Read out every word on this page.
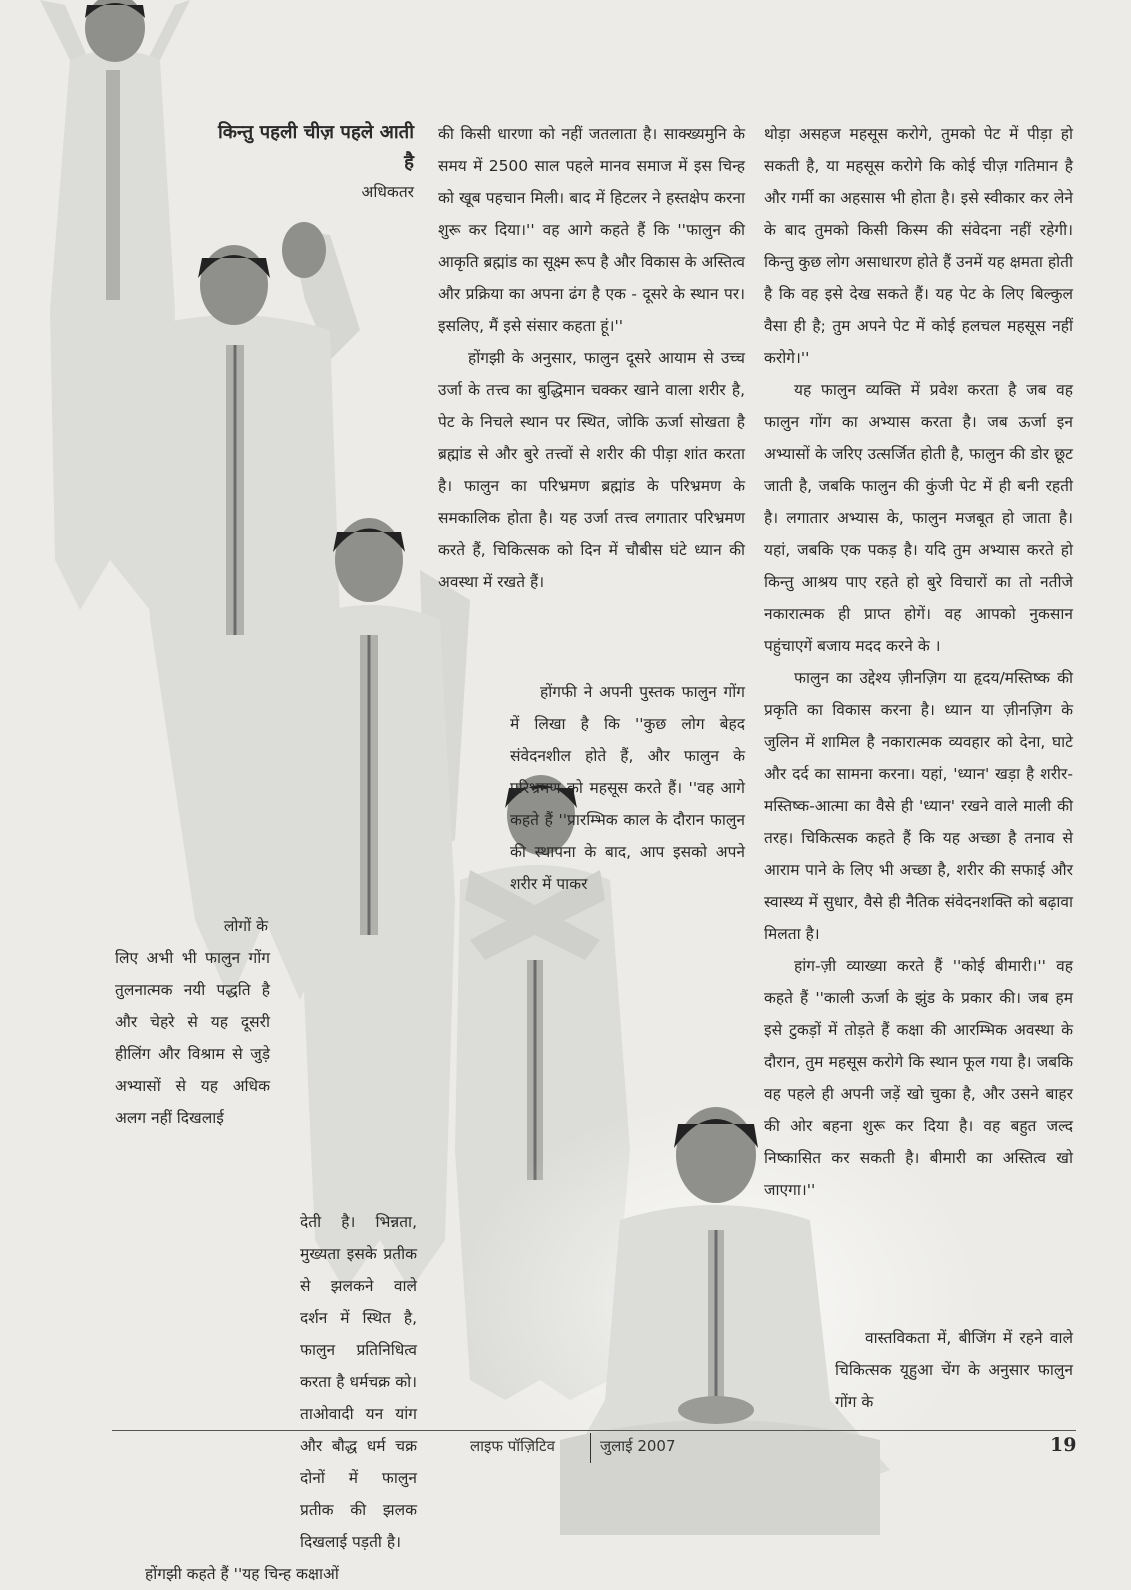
किन्तु पहली चीज़ पहले आती है
अधिकतर

लोगों के

लिए अभी भी फालुन गोंग तुलनात्मक नयी पद्धति है और चेहरे से यह दूसरी हीलिंग और विश्राम से जुड़े अभ्यासों से यह अधिक अलग नहीं दिखलाई

देती है। भिन्नता, मुख्यता इसके प्रतीक से झलकने वाले दर्शन में स्थित है, फालुन प्रतिनिधित्व करता है धर्मचक्र को। ताओवादी यन यांग और बौद्ध धर्म चक्र दोनों में फालुन प्रतीक की झलक दिखलाई पड़ती है।

होंगझी कहते हैं ''यह चिन्ह कक्षाओं

की किसी धारणा को नहीं जतलाता है। साक्ख्यमुनि के समय में 2500 साल पहले मानव समाज में इस चिन्ह को खूब पहचान मिली। बाद में हिटलर ने हस्तक्षेप करना शुरू कर दिया।'' वह आगे कहते हैं कि ''फालुन की आकृति ब्रह्मांड का सूक्ष्म रूप है और विकास के अस्तित्व और प्रक्रिया का अपना ढंग है एक - दूसरे के स्थान पर। इसलिए, मैं इसे संसार कहता हूं।''

होंगझी के अनुसार, फालुन दूसरे आयाम से उच्च उर्जा के तत्त्व का बुद्धिमान चक्कर खाने वाला शरीर है, पेट के निचले स्थान पर स्थित, जोकि ऊर्जा सोखता है ब्रह्मांड से और बुरे तत्त्वों से शरीर की पीड़ा शांत करता है। फालुन का परिभ्रमण ब्रह्मांड के परिभ्रमण के समकालिक होता है। यह उर्जा तत्त्व लगातार परिभ्रमण करते हैं, चिकित्सक को दिन में चौबीस घंटे ध्यान की अवस्था में रखते हैं।

होंगफी ने अपनी पुस्तक फालुन गोंग में लिखा है कि ''कुछ लोग बेहद संवेदनशील होते हैं, और फालुन के परिभ्रमण को महसूस करते हैं। ''वह आगे कहते हैं ''प्रारम्भिक काल के दौरान फालुन की स्थापना के बाद, आप इसको अपने शरीर में पाकर

थोड़ा असहज महसूस करोगे, तुमको पेट में पीड़ा हो सकती है, या महसूस करोगे कि कोई चीज़ गतिमान है और गर्मी का अहसास भी होता है। इसे स्वीकार कर लेने के बाद तुमको किसी किस्म की संवेदना नहीं रहेगी। किन्तु कुछ लोग असाधारण होते हैं उनमें यह क्षमता होती है कि वह इसे देख सकते हैं। यह पेट के लिए बिल्कुल वैसा ही है; तुम अपने पेट में कोई हलचल महसूस नहीं करोगे।''

यह फालुन व्यक्ति में प्रवेश करता है जब वह फालुन गोंग का अभ्यास करता है। जब ऊर्जा इन अभ्यासों के जरिए उत्सर्जित होती है, फालुन की डोर छूट जाती है, जबकि फालुन की कुंजी पेट में ही बनी रहती है। लगातार अभ्यास के, फालुन मजबूत हो जाता है। यहां, जबकि एक पकड़ है। यदि तुम अभ्यास करते हो किन्तु आश्रय पाए रहते हो बुरे विचारों का तो नतीजे नकारात्मक ही प्राप्त होगें। वह आपको नुकसान पहुंचाएगें बजाय मदद करने के ।

फालुन का उद्देश्य ज़ीनज़िग या हृदय/मस्तिष्क की प्रकृति का विकास करना है। ध्यान या ज़ीनज़िग के जुलिन में शामिल है नकारात्मक व्यवहार को देना, घाटे और दर्द का सामना करना। यहां, 'ध्यान' खड़ा है शरीर-मस्तिष्क-आत्मा का वैसे ही 'ध्यान' रखने वाले माली की तरह। चिकित्सक कहते हैं कि यह अच्छा है तनाव से आराम पाने के लिए भी अच्छा है, शरीर की सफाई और स्वास्थ्य में सुधार, वैसे ही नैतिक संवेदनशक्ति को बढ़ावा मिलता है।

हांग-ज़ी व्याख्या करते हैं ''कोई बीमारी।'' वह कहते हैं ''काली ऊर्जा के झुंड के प्रकार की। जब हम इसे टुकड़ों में तोड़ते हैं कक्षा की आरम्भिक अवस्था के दौरान, तुम महसूस करोगे कि स्थान फूल गया है। जबकि वह पहले ही अपनी जड़ें खो चुका है, और उसने बाहर की ओर बहना शुरू कर दिया है। वह बहुत जल्द निष्कासित कर सकती है। बीमारी का अस्तित्व खो जाएगा।''

वास्तविकता में, बीजिंग में रहने वाले चिकित्सक यूहुआ चेंग के अनुसार फालुन गोंग के

लाइफ पॉज़िटिव	जुलाई 2007	19
